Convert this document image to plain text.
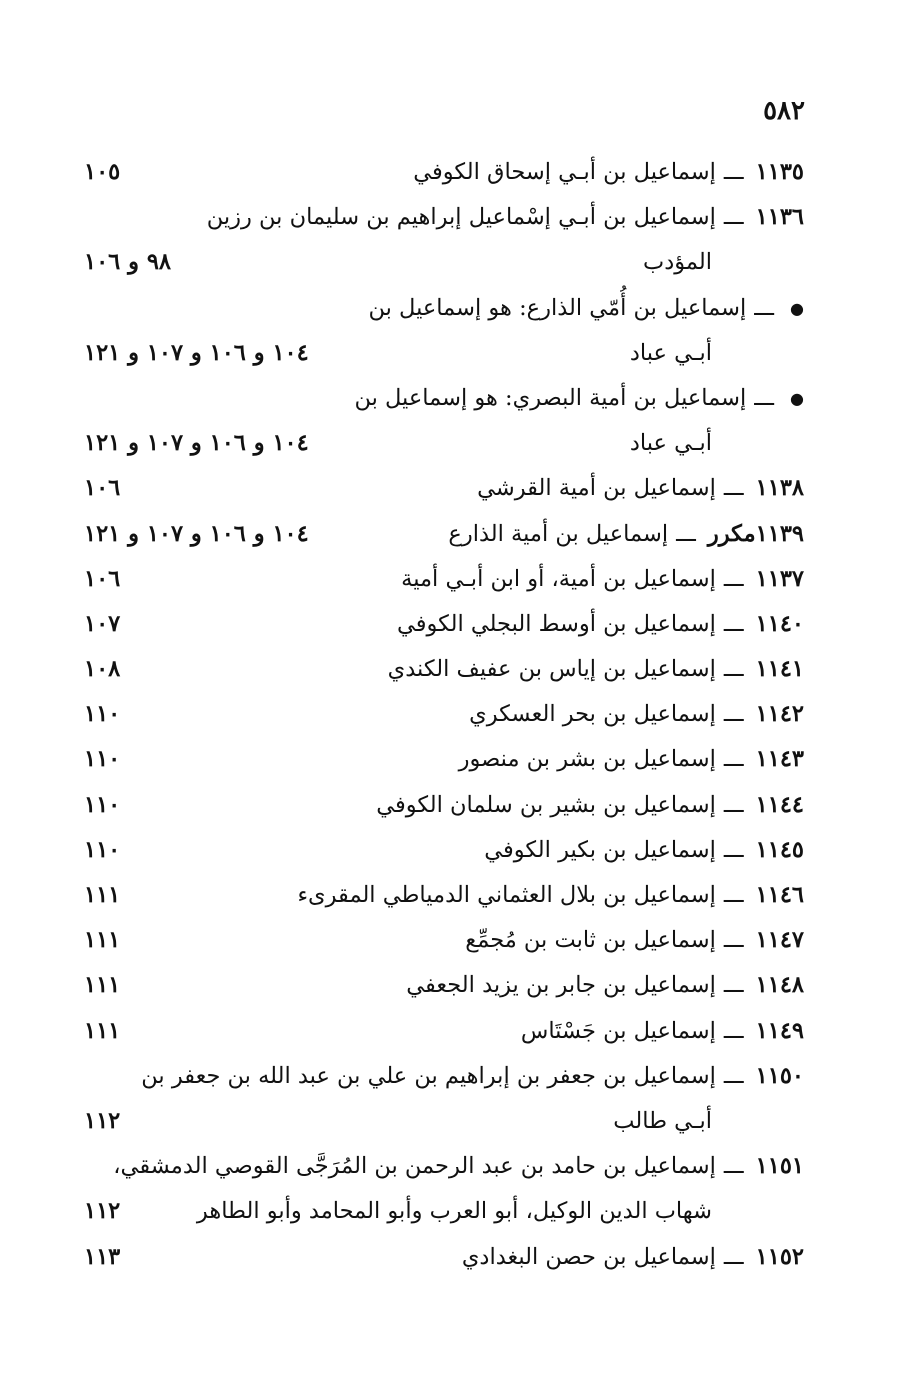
٥٨٢
١١٣٥ـــإسماعيل بن أبـي إسحاق الكوفي
١٠٥
١١٣٦ـــإسماعيل بن أبـي إسْماعيل إبراهيم بن سليمان بن رزين
المؤدب
٩٨ و ١٠٦
●ـــإسماعيل بن أُمّي الذارع: هو إسماعيل بن
أبـي عباد
١٠٤ و ١٠٦ و ١٠٧ و ١٢١
●ـــإسماعيل بن أمية البصري: هو إسماعيل بن
أبـي عباد
١٠٤ و ١٠٦ و ١٠٧ و ١٢١
١١٣٨ـــإسماعيل بن أمية القرشي
١٠٦
١١٣٩مكررـــإسماعيل بن أمية الذارع
١٠٤ و ١٠٦ و ١٠٧ و ١٢١
١١٣٧ـــإسماعيل بن أمية، أو ابن أبـي أمية
١٠٦
١١٤٠ـــإسماعيل بن أوسط البجلي الكوفي
١٠٧
١١٤١ـــإسماعيل بن إياس بن عفيف الكندي
١٠٨
١١٤٢ـــإسماعيل بن بحر العسكري
١١٠
١١٤٣ـــإسماعيل بن بشر بن منصور
١١٠
١١٤٤ـــإسماعيل بن بشير بن سلمان الكوفي
١١٠
١١٤٥ـــإسماعيل بن بكير الكوفي
١١٠
١١٤٦ـــإسماعيل بن بلال العثماني الدمياطي المقرىء
١١١
١١٤٧ـــإسماعيل بن ثابت بن مُجمِّع
١١١
١١٤٨ـــإسماعيل بن جابر بن يزيد الجعفي
١١١
١١٤٩ـــإسماعيل بن جَسْتَاس
١١١
١١٥٠ـــإسماعيل بن جعفر بن إبراهيم بن علي بن عبد الله بن جعفر بن
أبـي طالب
١١٢
١١٥١ـــإسماعيل بن حامد بن عبد الرحمن بن المُرَجَّى القوصي الدمشقي،
شهاب الدين الوكيل، أبو العرب وأبو المحامد وأبو الطاهر
١١٢
١١٥٢ـــإسماعيل بن حصن البغدادي
١١٣
